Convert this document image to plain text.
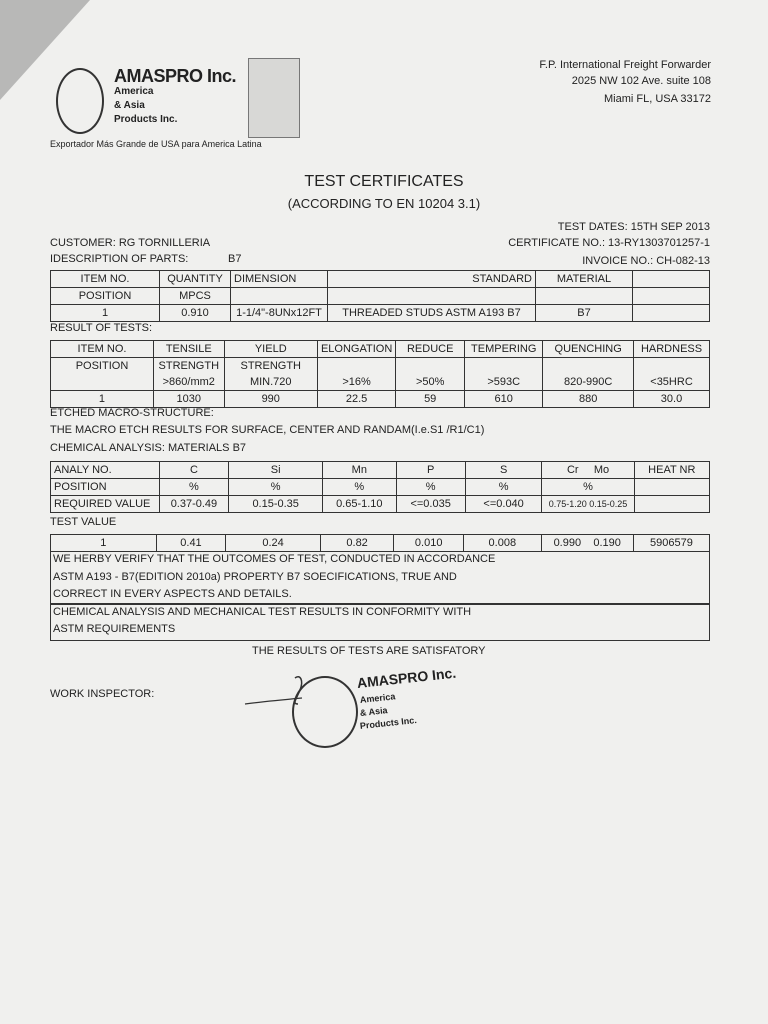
AMASPRO Inc.
America
& Asia
Products Inc.
Exportador Más Grande de USA para America Latina
F.P. International Freight Forwarder
2025 NW 102 Ave. suite 108
Miami FL, USA 33172
TEST CERTIFICATES
(ACCORDING TO EN 10204 3.1)
TEST DATES: 15TH SEP 2013
CUSTOMER: RG TORNILLERIA	CERTIFICATE NO.: 13-RY1303701257-1
IDESCRIPTION OF PARTS:	B7	INVOICE NO.: CH-082-13
ITEM NO.	QUANTITY	DIMENSION	STANDARD	MATERIAL	
POSITION	MPCS				
1	0.910	1-1/4"-8UNx12FT	THREADED STUDS ASTM A193 B7	B7	
RESULT OF TESTS:
ITEM NO.	TENSILE	YIELD	ELONGATION	REDUCE	TEMPERING	QUENCHING	HARDNESS
POSITION	STRENGTH	STRENGTH					
	>860/mm2	MIN.720	>16%	>50%	>593C	820-990C	<35HRC
1	1030	990	22.5	59	610	880	30.0
ETCHED MACRO-STRUCTURE:
THE MACRO ETCH RESULTS FOR SURFACE, CENTER AND RANDAM(I.e.S1 /R1/C1)
CHEMICAL ANALYSIS: MATERIALS B7
ANALY NO.	C	Si	Mn	P	S	Cr Mo	HEAT NR
POSITION	%	%	%	%	%	%	
REQUIRED VALUE	0.37-0.49	0.15-0.35	0.65-1.10	<=0.035	<=0.040	0.75-1.20 0.15-0.25	
TEST VALUE
1	0.41	0.24	0.82	0.010	0.008	0.990 0.190	5906579
WE HERBY VERIFY THAT THE OUTCOMES OF TEST, CONDUCTED IN ACCORDANCE
ASTM A193 - B7(EDITION 2010a) PROPERTY B7 SOECIFICATIONS, TRUE AND
CORRECT IN EVERY ASPECTS AND DETAILS.
CHEMICAL ANALYSIS AND MECHANICAL TEST RESULTS IN CONFORMITY WITH
ASTM REQUIREMENTS
THE RESULTS OF TESTS ARE SATISFATORY
WORK INSPECTOR:
AMASPRO Inc.
America
& Asia
Products Inc.
